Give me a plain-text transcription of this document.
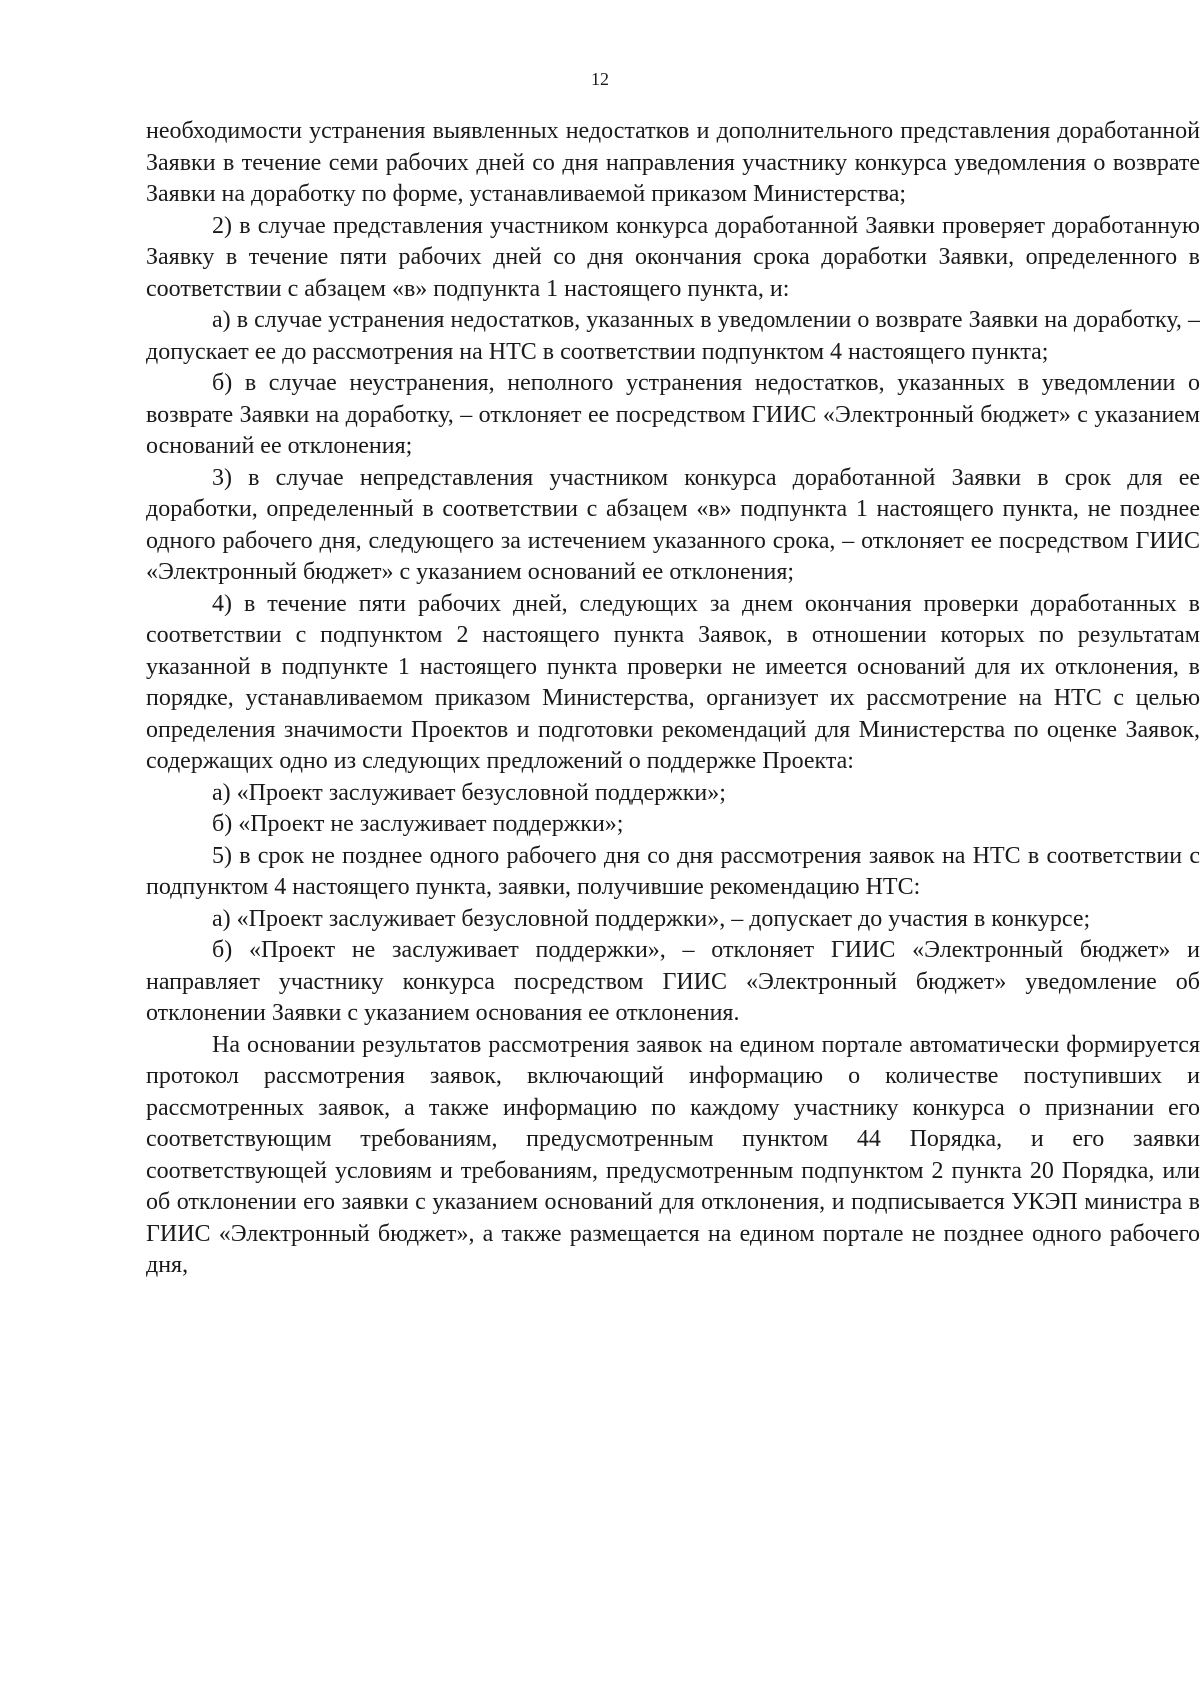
12

необходимости устранения выявленных недостатков и дополнительного представления доработанной Заявки в течение семи рабочих дней со дня направления участнику конкурса уведомления о возврате Заявки на доработку по форме, устанавливаемой приказом Министерства;

2) в случае представления участником конкурса доработанной Заявки проверяет доработанную Заявку в течение пяти рабочих дней со дня окончания срока доработки Заявки, определенного в соответствии с абзацем «в» подпункта 1 настоящего пункта, и:

а) в случае устранения недостатков, указанных в уведомлении о возврате Заявки на доработку, – допускает ее до рассмотрения на НТС в соответствии подпунктом 4 настоящего пункта;

б) в случае неустранения, неполного устранения недостатков, указанных в уведомлении о возврате Заявки на доработку, – отклоняет ее посредством ГИИС «Электронный бюджет» с указанием оснований ее отклонения;

3) в случае непредставления участником конкурса доработанной Заявки в срок для ее доработки, определенный в соответствии с абзацем «в» подпункта 1 настоящего пункта, не позднее одного рабочего дня, следующего за истечением указанного срока, – отклоняет ее посредством ГИИС «Электронный бюджет» с указанием оснований ее отклонения;

4) в течение пяти рабочих дней, следующих за днем окончания проверки доработанных в соответствии с подпунктом 2 настоящего пункта Заявок, в отношении которых по результатам указанной в подпункте 1 настоящего пункта проверки не имеется оснований для их отклонения, в порядке, устанавливаемом приказом Министерства, организует их рассмотрение на НТС с целью определения значимости Проектов и подготовки рекомендаций для Министерства по оценке Заявок, содержащих одно из следующих предложений о поддержке Проекта:

а) «Проект заслуживает безусловной поддержки»;

б) «Проект не заслуживает поддержки»;

5) в срок не позднее одного рабочего дня со дня рассмотрения заявок на НТС в соответствии с подпунктом 4 настоящего пункта, заявки, получившие рекомендацию НТС:

а) «Проект заслуживает безусловной поддержки», – допускает до участия в конкурсе;

б) «Проект не заслуживает поддержки», – отклоняет ГИИС «Электронный бюджет» и направляет участнику конкурса посредством ГИИС «Электронный бюджет» уведомление об отклонении Заявки с указанием основания ее отклонения.

На основании результатов рассмотрения заявок на едином портале автоматически формируется протокол рассмотрения заявок, включающий информацию о количестве поступивших и рассмотренных заявок, а также информацию по каждому участнику конкурса о признании его соответствующим требованиям, предусмотренным пунктом 44 Порядка, и его заявки соответствующей условиям и требованиям, предусмотренным подпунктом 2 пункта 20 Порядка, или об отклонении его заявки с указанием оснований для отклонения, и подписывается УКЭП министра в ГИИС «Электронный бюджет», а также размещается на едином портале не позднее одного рабочего дня,
